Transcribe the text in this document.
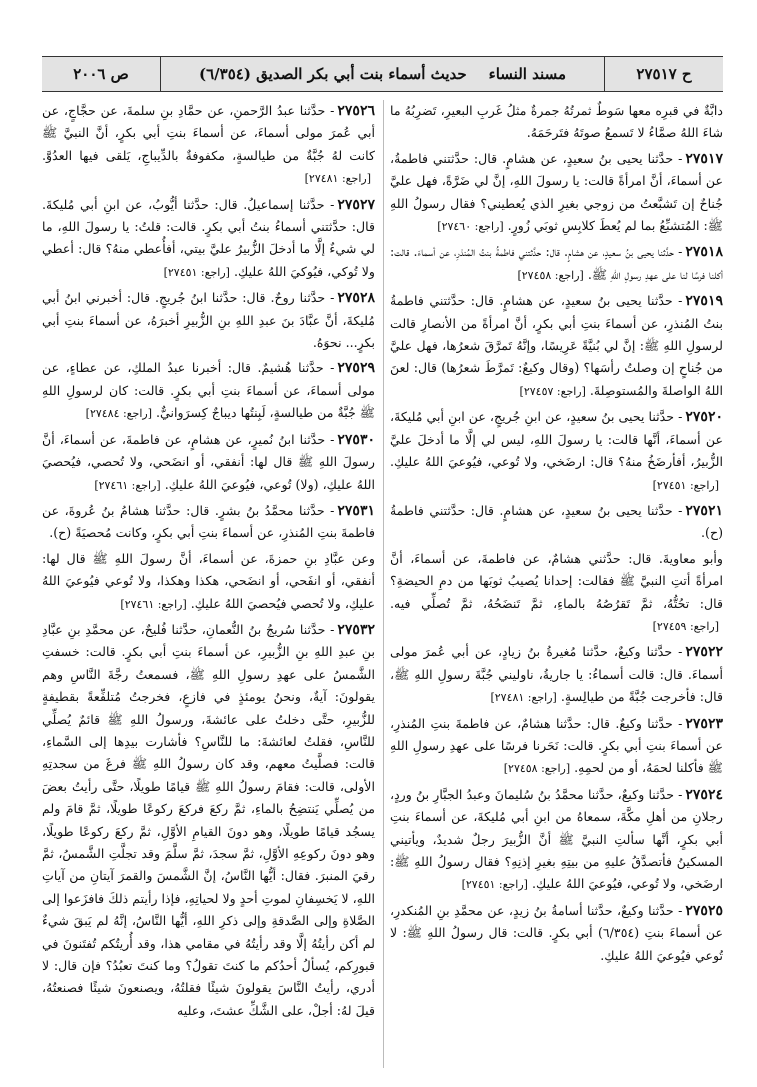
ح ٢٧٥١٧
مسند النساء
حديث أسماء بنت أبي بكر الصديق (٦/٣٥٤)
ص ٢٠٠٦

دابَّةٌ في قبرِه معها سَوطٌ ثمرتُهُ جمرةٌ مثلُ غَربِ البعيرِ، تَضرِبُهُ ما شاءَ اللهُ صمَّاءُ لا تَسمعُ صوتَهُ فتَرحَمَهُ.

٢٧٥١٧- حدَّثنا يحيى بنُ سعيدٍ، عن هشامٍ. قال: حدَّثتني فاطمةُ، عن أسماءَ، أنَّ امرأةً قالت: يا رسولَ اللهِ، إنَّ لي ضَرَّةً، فهل عليَّ جُناحٌ إن تَشبَّعتُ من زوجي بغيرِ الذي يُعطيني؟ فقال رسولُ اللهِ ﷺ: المُتشبِّعُ بما لم يُعطَ كلابِسِ ثوبَي زُورٍ.[راجع: ٢٧٤٦٠]

٢٧٥١٨- حدَّثنا يحيى بنُ سعيدٍ، عن هشامٍ. قال: حدَّثتني فاطمةُ بنتُ المُنذرِ، عن أسماءَ. قالت: أكلنا فرسًا لنا على عهدِ رسولِ اللهِ ﷺ.[راجع: ٢٧٤٥٨]

٢٧٥١٩- حدَّثنا يحيى بنُ سعيدٍ، عن هشامٍ. قال: حدَّثتني فاطمةُ بنتُ المُنذرِ، عن أسماءَ بنتِ أبي بكرٍ، أنَّ امرأةً من الأنصارِ قالت لرسولِ اللهِ ﷺ: إنَّ لي بُنيَّةً عَرِيسًا، وإنَّهُ تَمرَّقَ شعرُها، فهل عليَّ من جُناحٍ إن وصلتُ رأسَها؟ (وقال وكيعٌ: تَمرَّطَ شعرُها) قال: لعنَ اللهُ الواصلةَ والمُستوصِلةَ.[راجع: ٢٧٤٥٧]

٢٧٥٢٠- حدَّثنا يحيى بنُ سعيدٍ، عن ابنِ جُريجٍ، عن ابنِ أبي مُليكةَ، عن أسماءَ، أنَّها قالت: يا رسولَ اللهِ، ليس لي إلَّا ما أدخلَ عليَّ الزُّبيرُ، أفأرضَخُ منهُ؟ قال: ارضَخي، ولا تُوعي، فيُوعيَ اللهُ عليكِ.[راجع: ٢٧٤٥١]

٢٧٥٢١- حدَّثنا يحيى بنُ سعيدٍ، عن هشامٍ. قال: حدَّثتني فاطمةُ (ح).

وأبو معاويةَ. قال: حدَّثني هشامٌ، عن فاطمةَ، عن أسماءَ، أنَّ امرأةً أتتِ النبيَّ ﷺ فقالت: إحدانا يُصيبُ ثوبَها من دمِ الحيضةِ؟ قال: تحُتُّهُ، ثمَّ تَقرُصُهُ بالماءِ، ثمَّ تَنضَحُهُ، ثمَّ تُصلِّي فيه.[راجع: ٢٧٤٥٩]

٢٧٥٢٢- حدَّثنا وكيعٌ، حدَّثنا مُغيرةُ بنُ زيادٍ، عن أبي عُمرَ مولى أسماءَ. قال: قالت أسماءُ: يا جاريةُ، ناوليني جُبَّةَ رسولِ اللهِ ﷺ، قال: فأخرجت جُبَّةً من طيالِسةٍ.[راجع: ٢٧٤٨١]

٢٧٥٢٣- حدَّثنا وكيعٌ. قال: حدَّثنا هشامٌ، عن فاطمةَ بنتِ المُنذرِ، عن أسماءَ بنتِ أبي بكرٍ. قالت: نَحَرنا فرسًا على عهدِ رسولِ اللهِ ﷺ فأكلنا لحمَهُ، أو من لحمِهِ.[راجع: ٢٧٤٥٨]

٢٧٥٢٤- حدَّثنا وكيعٌ، حدَّثنا محمَّدُ بنُ سُليمانَ وعبدُ الجبَّارِ بنُ وردٍ، رجلانِ من أهلِ مكَّةَ، سمعاهُ من ابنِ أبي مُليكةَ، عن أسماءَ بنتِ أبي بكرٍ، أنَّها سألتِ النبيَّ ﷺ أنَّ الزُّبيرَ رجلٌ شديدٌ، ويأتيني المسكينُ فأتصدَّقُ عليهِ من بيتِهِ بغيرِ إذنِهِ؟ فقال رسولُ اللهِ ﷺ: ارضَخي، ولا تُوعي، فيُوعيَ اللهُ عليكِ.[راجع: ٢٧٤٥١]

٢٧٥٢٥- حدَّثنا وكيعٌ، حدَّثنا أسامةُ بنُ زيدٍ، عن محمَّدِ بنِ المُنكدرِ، عن أسماءَ بنتِ (٦/٣٥٤) أبي بكرٍ. قالت: قال رسولُ اللهِ ﷺ: لا تُوعي فيُوعيَ اللهُ عليكِ.

٢٧٥٢٦- حدَّثنا عبدُ الرَّحمنِ، عن حمَّادِ بنِ سلمةَ، عن حجَّاجٍ، عن أبي عُمرَ مولى أسماءَ، عن أسماءَ بنتِ أبي بكرٍ، أنَّ النبيَّ ﷺ كانت لهُ جُبَّةٌ من طيالسةٍ، مكفوفةٌ بالدِّيباجِ، يَلقى فيها العدُوَّ.[راجع: ٢٧٤٨١]

٢٧٥٢٧- حدَّثنا إسماعيلُ. قال: حدَّثنا أيُّوبُ، عن ابنِ أبي مُليكةَ. قال: حدَّثتني أسماءُ بنتُ أبي بكرٍ. قالت: قلتُ: يا رسولَ اللهِ، ما لي شيءٌ إلَّا ما أدخلَ الزُّبيرُ عليَّ بيتي، أفأُعطي منهُ؟ قال: أعطي ولا تُوكي، فيُوكيَ اللهُ عليكِ.[راجع: ٢٧٤٥١]

٢٧٥٢٨- حدَّثنا روحٌ. قال: حدَّثنا ابنُ جُريجٍ. قال: أخبرني ابنُ أبي مُليكةَ، أنَّ عبَّادَ بنَ عبدِ اللهِ بنِ الزُّبيرِ أخبرَهُ، عن أسماءَ بنتِ أبي بكرٍ... نحوَهُ.

٢٧٥٢٩- حدَّثنا هُشيمٌ. قال: أخبرنا عبدُ الملكِ، عن عطاءٍ، عن مولى أسماءَ، عن أسماءَ بنتِ أبي بكرٍ. قالت: كان لرسولِ اللهِ ﷺ جُبَّةٌ من طيالسةٍ، لَبِنتُها ديباجٌ كِسرَوانيٌّ.[راجع: ٢٧٤٨٤]

٢٧٥٣٠- حدَّثنا ابنُ نُميرٍ، عن هشامٍ، عن فاطمةَ، عن أسماءَ، أنَّ رسولَ اللهِ ﷺ قال لها: أنفقي، أو انضَحي، ولا تُحصي، فيُحصيَ اللهُ عليكِ، (ولا) تُوعي، فيُوعيَ اللهُ عليكِ.[راجع: ٢٧٤٦١]

٢٧٥٣١- حدَّثنا محمَّدُ بنُ بشرٍ. قال: حدَّثنا هشامُ بنُ عُروةَ، عن فاطمةَ بنتِ المُنذرِ، عن أسماءَ بنتِ أبي بكرٍ، وكانت مُحصيَةً (ح).

وعن عبَّادِ بنِ حمزةَ، عن أسماءَ، أنَّ رسولَ اللهِ ﷺ قال لها: أنفقي، أو انفَحي، أو انضَحي، هكذا وهكذا، ولا تُوعي فيُوعيَ اللهُ عليكِ، ولا تُحصي فيُحصيَ اللهُ عليكِ.[راجع: ٢٧٤٦١]

٢٧٥٣٢- حدَّثنا سُريجُ بنُ النُّعمانِ، حدَّثنا فُليحٌ، عن محمَّدِ بنِ عبَّادِ بنِ عبدِ اللهِ بنِ الزُّبيرِ، عن أسماءَ بنتِ أبي بكرٍ. قالت: خسفتِ الشَّمسُ على عهدِ رسولِ اللهِ ﷺ، فسمعتُ رجَّةَ النَّاسِ وهم يقولونَ: آيةٌ، ونحنُ يومئذٍ في فازعٍ، فخرجتُ مُتلفِّعةً بقطيفةٍ للزُّبيرِ، حتَّى دخلتُ على عائشةَ، ورسولُ اللهِ ﷺ قائمٌ يُصلِّي للنَّاسِ، فقلتُ لعائشةَ: ما للنَّاسِ؟ فأشارت بيدِها إلى السَّماءِ، قالت: فصلَّيتُ معهم، وقد كان رسولُ اللهِ ﷺ فرغَ من سجدتِهِ الأولى، قالت: فقامَ رسولُ اللهِ ﷺ قيامًا طويلًا، حتَّى رأيتُ بعضَ من يُصلِّي يَنتضِحُ بالماءِ، ثمَّ ركعَ فركعَ ركوعًا طويلًا، ثمَّ قامَ ولم يسجُد قيامًا طويلًا، وهو دونَ القيامِ الأوَّلِ، ثمَّ ركعَ ركوعًا طويلًا، وهو دونَ ركوعِهِ الأوَّلِ، ثمَّ سجدَ، ثمَّ سلَّمَ وقد تجلَّتِ الشَّمسُ، ثمَّ رقيَ المنبرَ. فقال: أيُّها النَّاسُ، إنَّ الشَّمسَ والقمرَ آيتانِ من آياتِ اللهِ، لا يَخسِفانِ لموتِ أحدٍ ولا لحياتِهِ، فإذا رأيتم ذلكَ فافزَعوا إلى الصَّلاةِ وإلى الصَّدقةِ وإلى ذكرِ اللهِ، أيُّها النَّاسُ، إنَّهُ لم يَبقَ شيءٌ لم أكن رأيتُهُ إلَّا وقد رأيتُهُ في مقامي هذا، وقد أُريتُكم تُفتَنونَ في قبورِكم، يُسألُ أحدُكم ما كنتَ تقولُ؟ وما كنتَ تعبُدُ؟ فإن قال: لا أدري، رأيتُ النَّاسَ يقولونَ شيئًا فقلتُهُ، ويصنعونَ شيئًا فصنعتُهُ، قيلَ لهُ: أجلْ، على الشَّكِّ عشتَ، وعليه
